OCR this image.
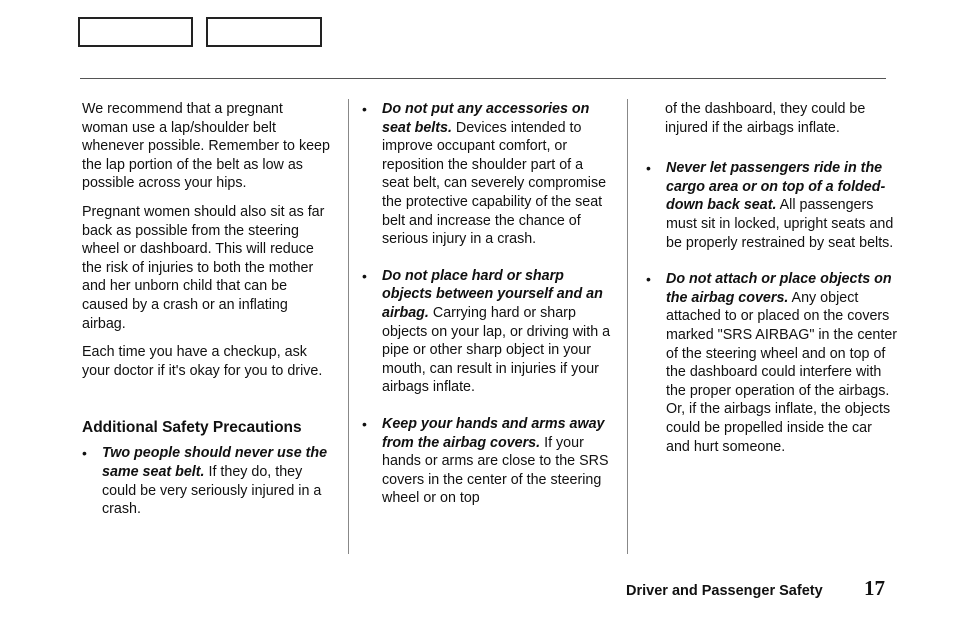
We recommend that a pregnant woman use a lap/shoulder belt whenever possible. Remember to keep the lap portion of the belt as low as possible across your hips.

Pregnant women should also sit as far back as possible from the steering wheel or dashboard. This will reduce the risk of injuries to both the mother and her unborn child that can be caused by a crash or an inflating airbag.

Each time you have a checkup, ask your doctor if it's okay for you to drive.

Additional Safety Precautions
• Two people should never use the same seat belt. If they do, they could be very seriously injured in a crash.
• Do not put any accessories on seat belts. Devices intended to improve occupant comfort, or reposition the shoulder part of a seat belt, can severely compromise the protective capability of the seat belt and increase the chance of serious injury in a crash.
• Do not place hard or sharp objects between yourself and an airbag. Carrying hard or sharp objects on your lap, or driving with a pipe or other sharp object in your mouth, can result in injuries if your airbags inflate.
• Keep your hands and arms away from the airbag covers. If your hands or arms are close to the SRS covers in the center of the steering wheel or on top

of the dashboard, they could be injured if the airbags inflate.

• Never let passengers ride in the cargo area or on top of a folded-down back seat. All passengers must sit in locked, upright seats and be properly restrained by seat belts.
• Do not attach or place objects on the airbag covers. Any object attached to or placed on the covers marked "SRS AIRBAG" in the center of the steering wheel and on top of the dashboard could interfere with the proper operation of the airbags. Or, if the airbags inflate, the objects could be propelled inside the car and hurt someone.
Driver and Passenger Safety 17
